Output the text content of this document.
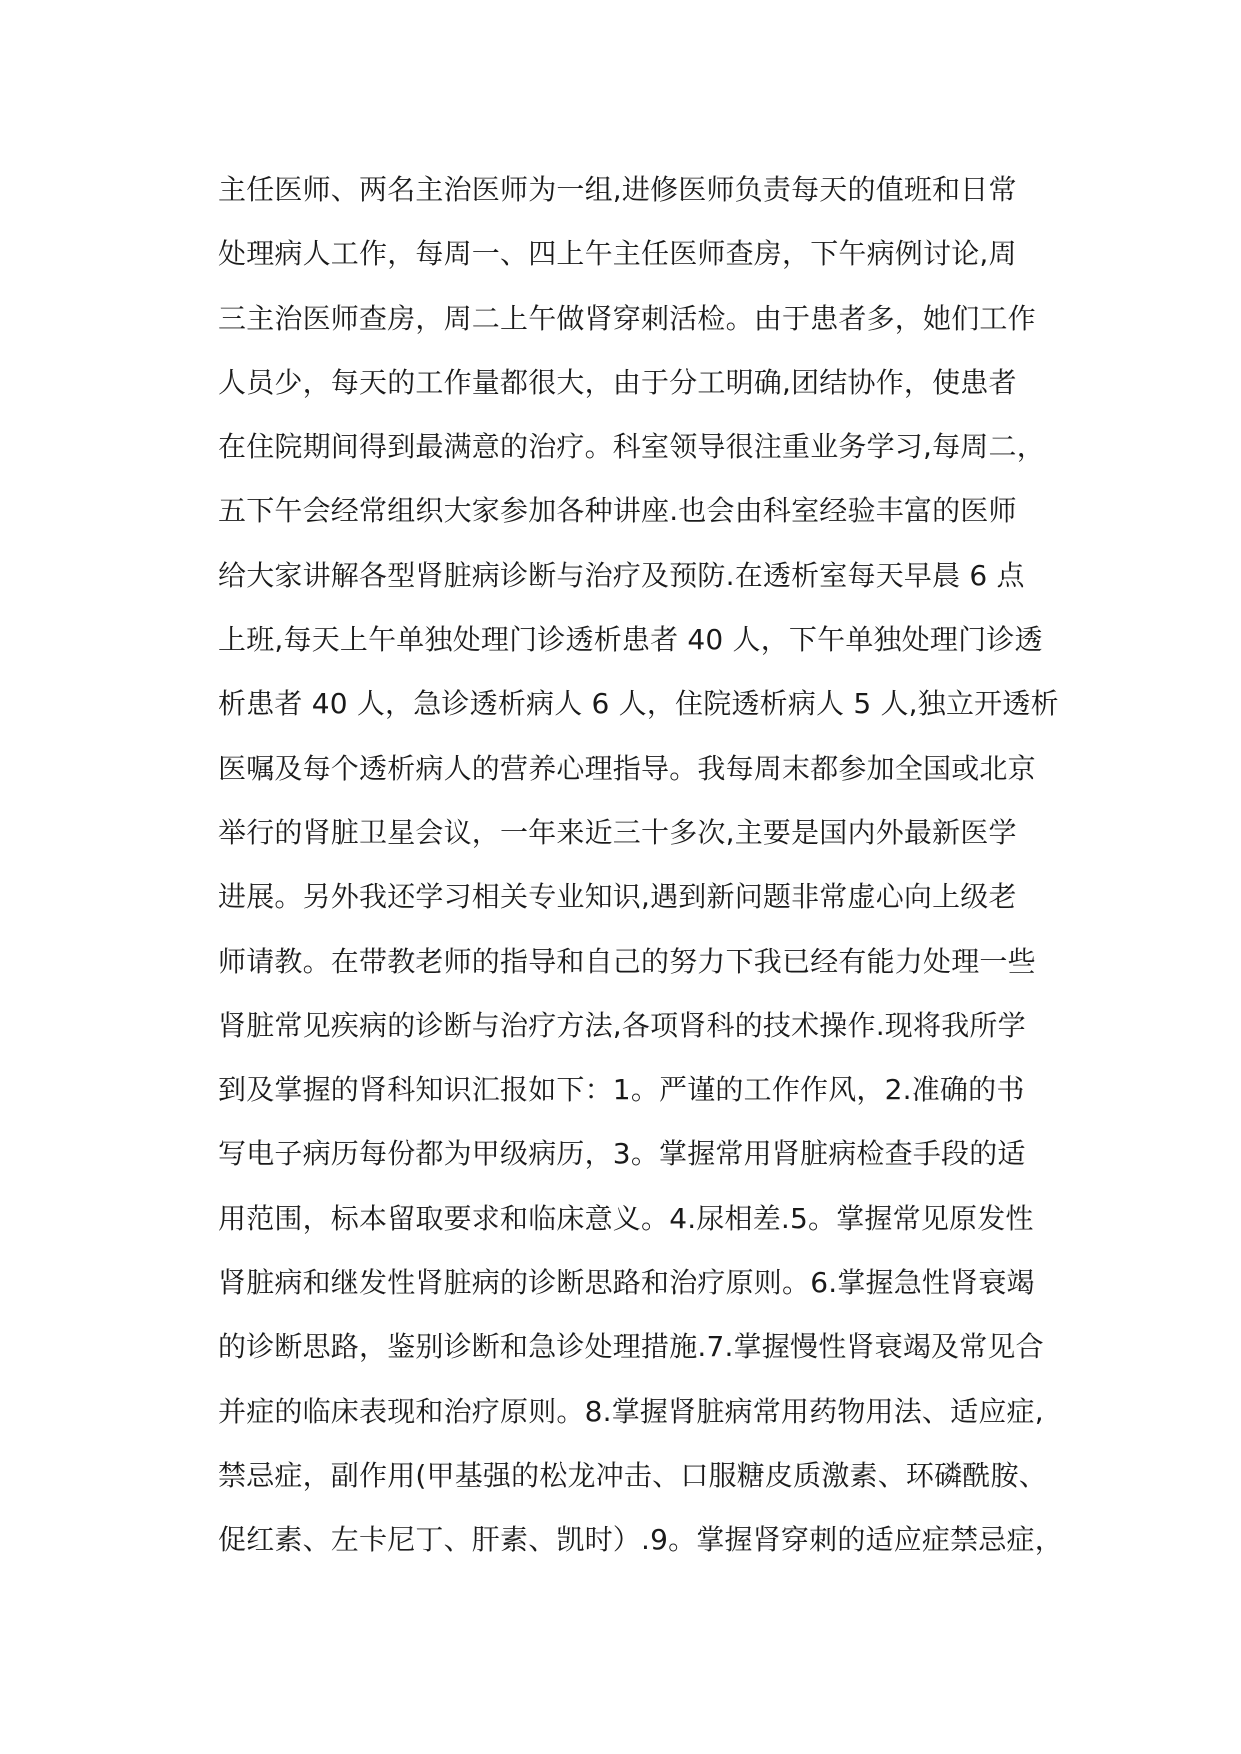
主任医师、两名主治医师为一组,进修医师负责每天的值班和日常
处理病人工作，每周一、四上午主任医师查房，下午病例讨论,周
三主治医师查房，周二上午做肾穿刺活检。由于患者多，她们工作
人员少，每天的工作量都很大，由于分工明确,团结协作，使患者
在住院期间得到最满意的治疗。科室领导很注重业务学习,每周二，
五下午会经常组织大家参加各种讲座.也会由科室经验丰富的医师
给大家讲解各型肾脏病诊断与治疗及预防.在透析室每天早晨 6 点
上班,每天上午单独处理门诊透析患者 40 人，下午单独处理门诊透
析患者 40 人，急诊透析病人 6 人，住院透析病人 5 人,独立开透析
医嘱及每个透析病人的营养心理指导。我每周末都参加全国或北京
举行的肾脏卫星会议，一年来近三十多次,主要是国内外最新医学
进展。另外我还学习相关专业知识,遇到新问题非常虚心向上级老
师请教。在带教老师的指导和自己的努力下我已经有能力处理一些
肾脏常见疾病的诊断与治疗方法,各项肾科的技术操作.现将我所学
到及掌握的肾科知识汇报如下：1。严谨的工作作风，2.准确的书
写电子病历每份都为甲级病历，3。掌握常用肾脏病检查手段的适
用范围，标本留取要求和临床意义。4.尿相差.5。掌握常见原发性
肾脏病和继发性肾脏病的诊断思路和治疗原则。6.掌握急性肾衰竭
的诊断思路，鉴别诊断和急诊处理措施.7.掌握慢性肾衰竭及常见合
并症的临床表现和治疗原则。8.掌握肾脏病常用药物用法、适应症,
禁忌症，副作用(甲基强的松龙冲击、口服糖皮质激素、环磷酰胺、
促红素、左卡尼丁、肝素、凯时）.9。掌握肾穿刺的适应症禁忌症，
